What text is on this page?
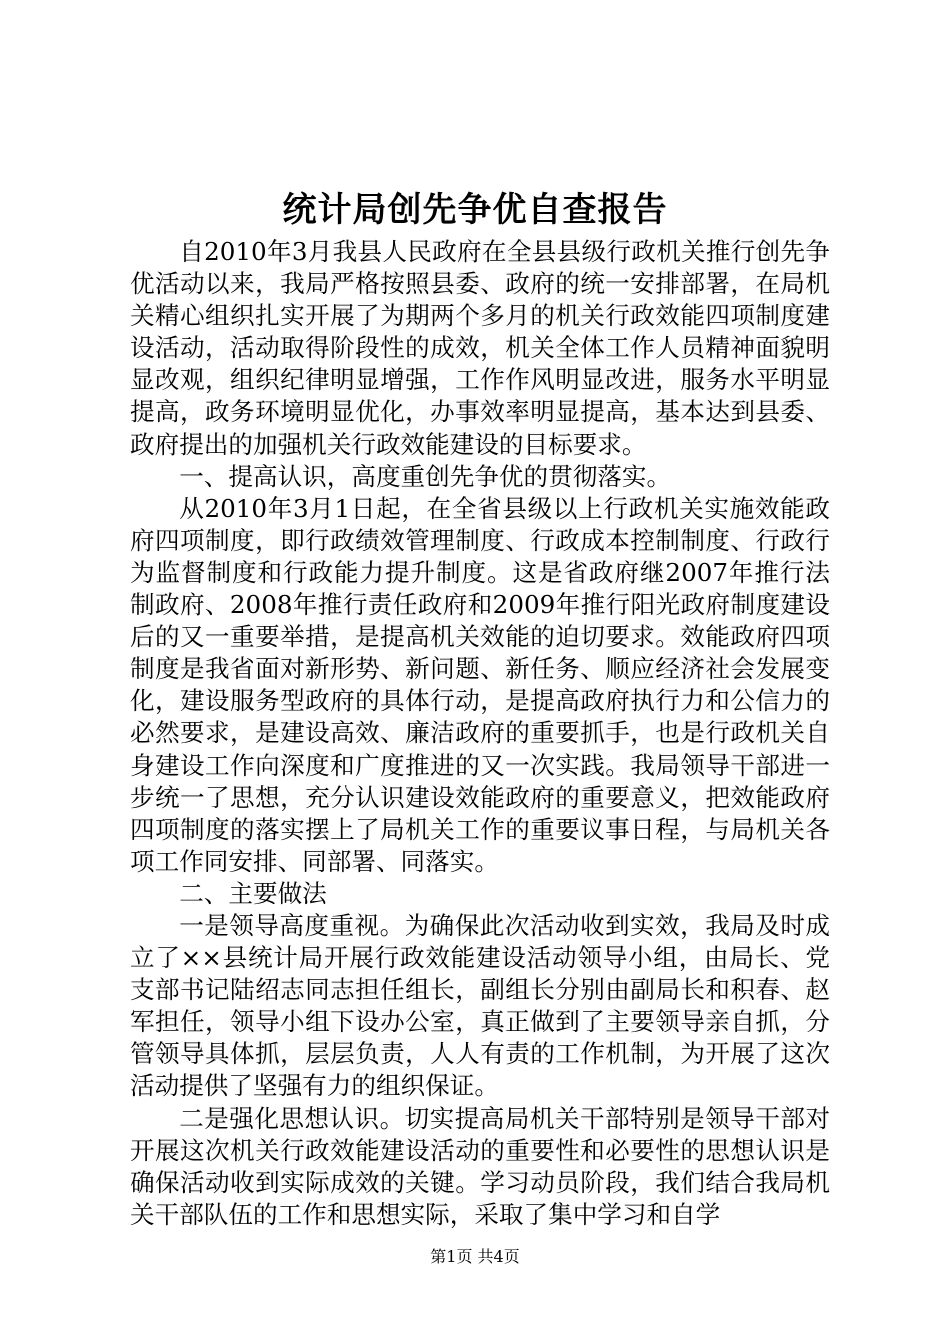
统计局创先争优自查报告

自2010年3月我县人民政府在全县县级行政机关推行创先争优活动以来，我局严格按照县委、政府的统一安排部署，在局机关精心组织扎实开展了为期两个多月的机关行政效能四项制度建设活动，活动取得阶段性的成效，机关全体工作人员精神面貌明显改观，组织纪律明显增强，工作作风明显改进，服务水平明显提高，政务环境明显优化，办事效率明显提高，基本达到县委、政府提出的加强机关行政效能建设的目标要求。

一、提高认识，高度重创先争优的贯彻落实。

从2010年3月1日起，在全省县级以上行政机关实施效能政府四项制度，即行政绩效管理制度、行政成本控制制度、行政行为监督制度和行政能力提升制度。这是省政府继2007年推行法制政府、2008年推行责任政府和2009年推行阳光政府制度建设后的又一重要举措，是提高机关效能的迫切要求。效能政府四项制度是我省面对新形势、新问题、新任务、顺应经济社会发展变化，建设服务型政府的具体行动，是提高政府执行力和公信力的必然要求，是建设高效、廉洁政府的重要抓手，也是行政机关自身建设工作向深度和广度推进的又一次实践。我局领导干部进一步统一了思想，充分认识建设效能政府的重要意义，把效能政府四项制度的落实摆上了局机关工作的重要议事日程，与局机关各项工作同安排、同部署、同落实。

二、主要做法

一是领导高度重视。为确保此次活动收到实效，我局及时成立了××县统计局开展行政效能建设活动领导小组，由局长、党支部书记陆绍志同志担任组长，副组长分别由副局长和积春、赵军担任，领导小组下设办公室，真正做到了主要领导亲自抓，分管领导具体抓，层层负责，人人有责的工作机制，为开展了这次活动提供了坚强有力的组织保证。

二是强化思想认识。切实提高局机关干部特别是领导干部对开展这次机关行政效能建设活动的重要性和必要性的思想认识是确保活动收到实际成效的关键。学习动员阶段，我们结合我局机关干部队伍的工作和思想实际，采取了集中学习和自学

第1页 共4页
